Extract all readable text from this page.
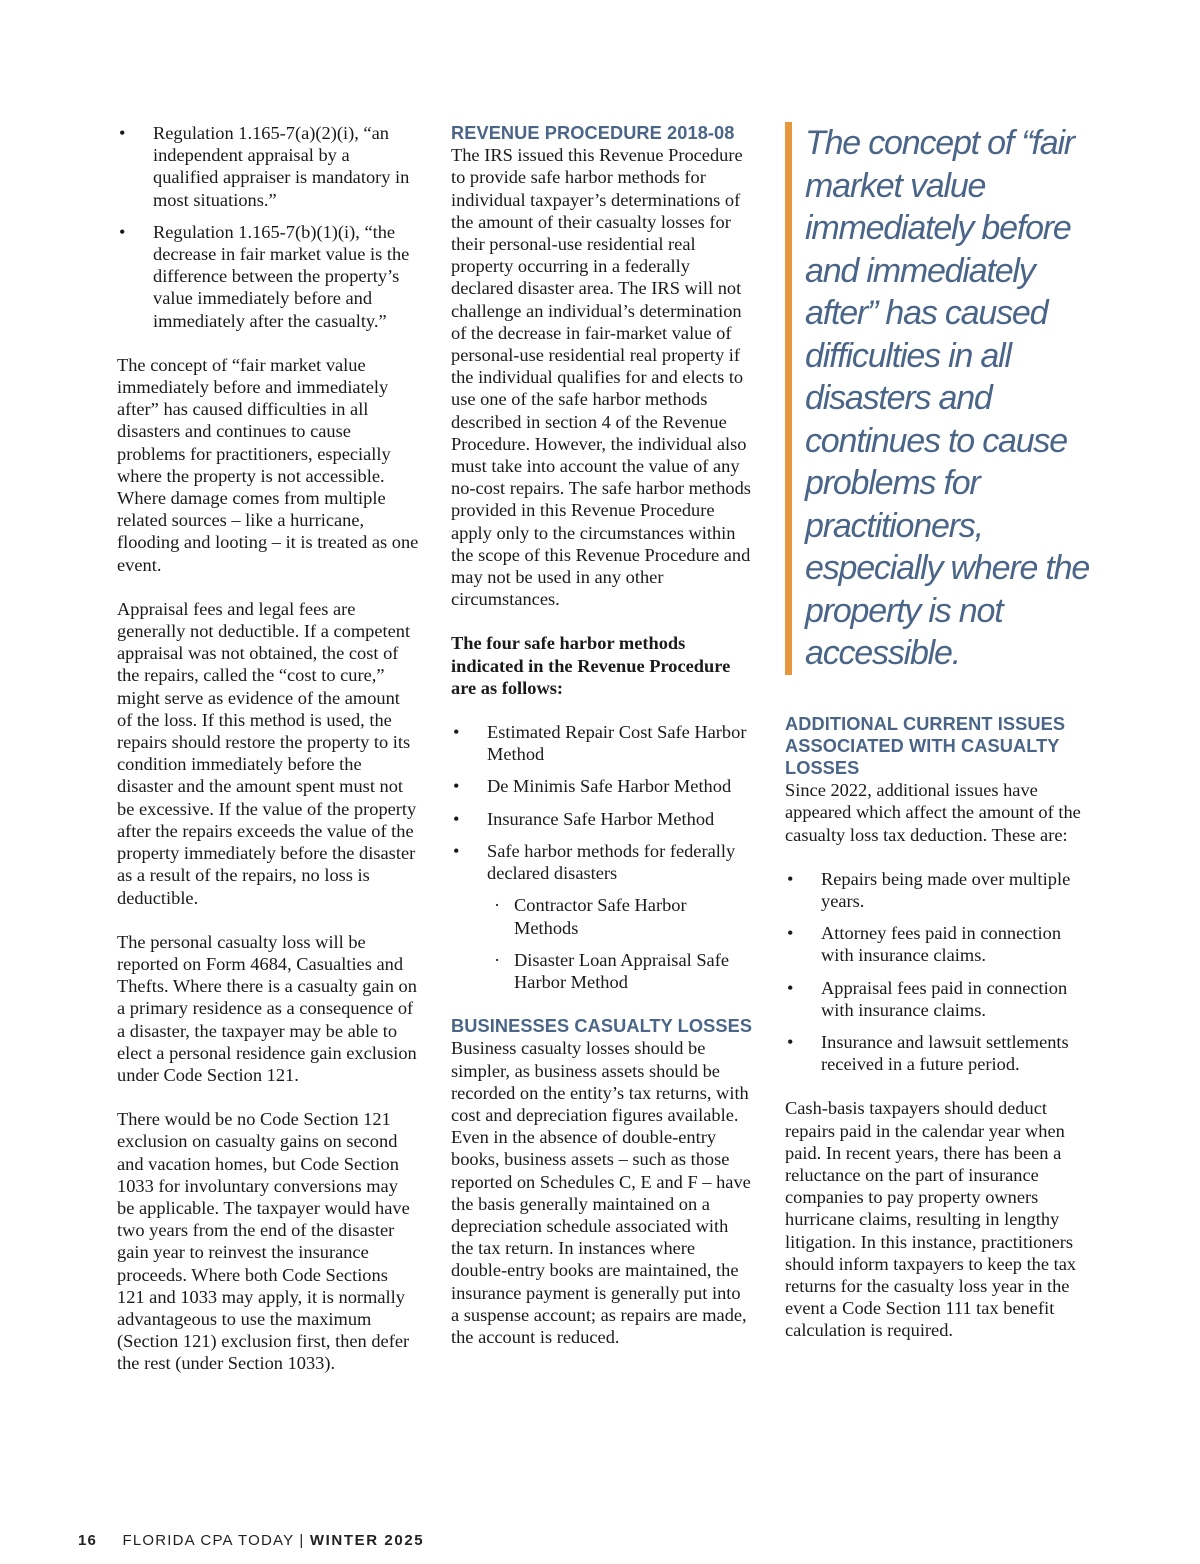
• Regulation 1.165-7(a)(2)(i), “an independent appraisal by a qualified appraiser is mandatory in most situations.”
• Regulation 1.165-7(b)(1)(i), “the decrease in fair market value is the difference between the property’s value immediately before and immediately after the casualty.”

The concept of “fair market value immediately before and immediately after” has caused difficulties in all disasters and continues to cause problems for practitioners, especially where the property is not accessible. Where damage comes from multiple related sources – like a hurricane, flooding and looting – it is treated as one event.

Appraisal fees and legal fees are generally not deductible. If a competent appraisal was not obtained, the cost of the repairs, called the “cost to cure,” might serve as evidence of the amount of the loss. If this method is used, the repairs should restore the property to its condition immediately before the disaster and the amount spent must not be excessive. If the value of the property after the repairs exceeds the value of the property immediately before the disaster as a result of the repairs, no loss is deductible.

The personal casualty loss will be reported on Form 4684, Casualties and Thefts. Where there is a casualty gain on a primary residence as a consequence of a disaster, the taxpayer may be able to elect a personal residence gain exclusion under Code Section 121.

There would be no Code Section 121 exclusion on casualty gains on second and vacation homes, but Code Section 1033 for involuntary conversions may be applicable. The taxpayer would have two years from the end of the disaster gain year to reinvest the insurance proceeds. Where both Code Sections 121 and 1033 may apply, it is normally advantageous to use the maximum (Section 121) exclusion first, then defer the rest (under Section 1033).

REVENUE PROCEDURE 2018-08

The IRS issued this Revenue Procedure to provide safe harbor methods for individual taxpayer’s determinations of the amount of their casualty losses for their personal-use residential real property occurring in a federally declared disaster area. The IRS will not challenge an individual’s determination of the decrease in fair-market value of personal-use residential real property if the individual qualifies for and elects to use one of the safe harbor methods described in section 4 of the Revenue Procedure. However, the individual also must take into account the value of any no-cost repairs. The safe harbor methods provided in this Revenue Procedure apply only to the circumstances within the scope of this Revenue Procedure and may not be used in any other circumstances.

The four safe harbor methods indicated in the Revenue Procedure are as follows:

• Estimated Repair Cost Safe Harbor Method
• De Minimis Safe Harbor Method
• Insurance Safe Harbor Method
• Safe harbor methods for federally declared disasters
· Contractor Safe Harbor Methods
· Disaster Loan Appraisal Safe Harbor Method
BUSINESSES CASUALTY LOSSES

Business casualty losses should be simpler, as business assets should be recorded on the entity’s tax returns, with cost and depreciation figures available. Even in the absence of double-entry books, business assets – such as those reported on Schedules C, E and F – have the basis generally maintained on a depreciation schedule associated with the tax return. In instances where double-entry books are maintained, the insurance payment is generally put into a suspense account; as repairs are made, the account is reduced.

The concept of “fair market value immediately before and immediately after” has caused difficulties in all disasters and continues to cause problems for practitioners, especially where the property is not accessible.
ADDITIONAL CURRENT ISSUES ASSOCIATED WITH CASUALTY LOSSES

Since 2022, additional issues have appeared which affect the amount of the casualty loss tax deduction. These are:

• Repairs being made over multiple years.
• Attorney fees paid in connection with insurance claims.
• Appraisal fees paid in connection with insurance claims.
• Insurance and lawsuit settlements received in a future period.

Cash-basis taxpayers should deduct repairs paid in the calendar year when paid. In recent years, there has been a reluctance on the part of insurance companies to pay property owners hurricane claims, resulting in lengthy litigation. In this instance, practitioners should inform taxpayers to keep the tax returns for the casualty loss year in the event a Code Section 111 tax benefit calculation is required.

16 FLORIDA CPA TODAY | WINTER 2025
